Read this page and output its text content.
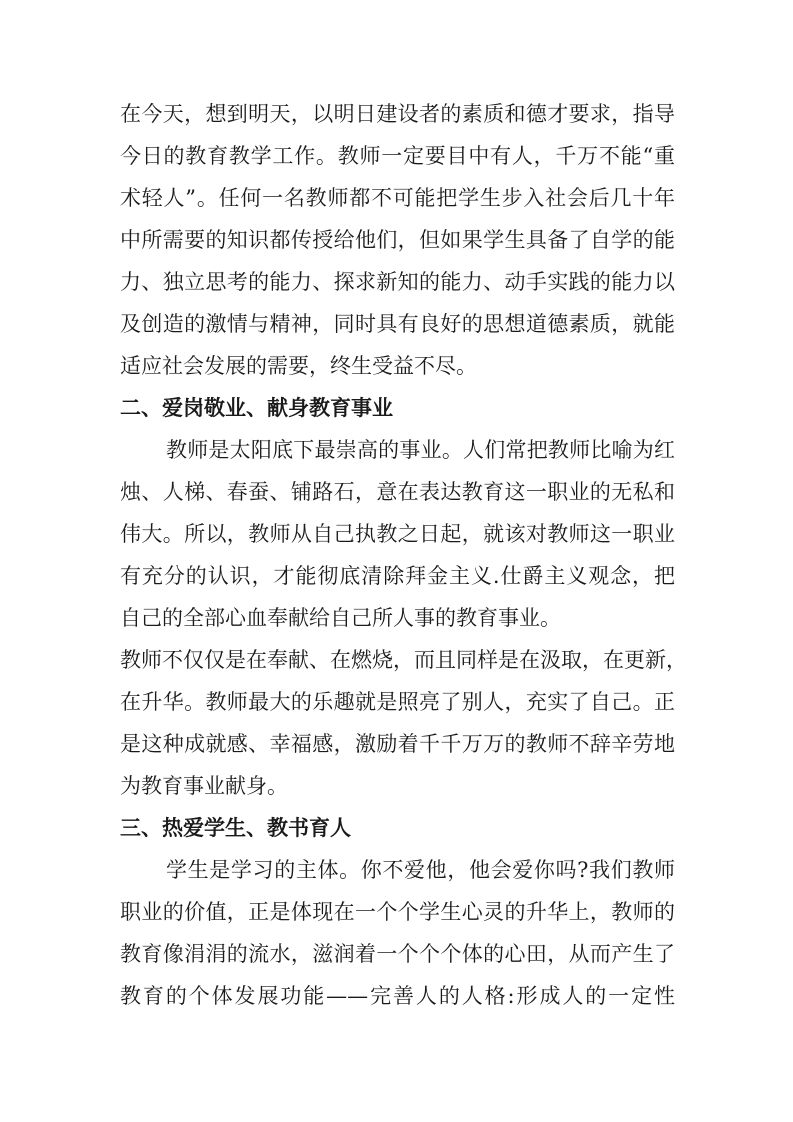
在今天，想到明天，以明日建设者的素质和德才要求，指导
今日的教育教学工作。教师一定要目中有人，千万不能“重
术轻人”。任何一名教师都不可能把学生步入社会后几十年
中所需要的知识都传授给他们，但如果学生具备了自学的能
力、独立思考的能力、探求新知的能力、动手实践的能力以
及创造的激情与精神，同时具有良好的思想道德素质，就能
适应社会发展的需要，终生受益不尽。
二、爱岗敬业、献身教育事业
教师是太阳底下最崇高的事业。人们常把教师比喻为红
烛、人梯、春蚕、铺路石，意在表达教育这一职业的无私和
伟大。所以，教师从自己执教之日起，就该对教师这一职业
有充分的认识，才能彻底清除拜金主义.仕爵主义观念，把
自己的全部心血奉献给自己所人事的教育事业。
教师不仅仅是在奉献、在燃烧，而且同样是在汲取，在更新，
在升华。教师最大的乐趣就是照亮了别人，充实了自己。正
是这种成就感、幸福感，激励着千千万万的教师不辞辛劳地
为教育事业献身。
三、热爱学生、教书育人
学生是学习的主体。你不爱他，他会爱你吗?我们教师
职业的价值，正是体现在一个个学生心灵的升华上，教师的
教育像涓涓的流水，滋润着一个个个体的心田，从而产生了
教育的个体发展功能——完善人的人格:形成人的一定性
